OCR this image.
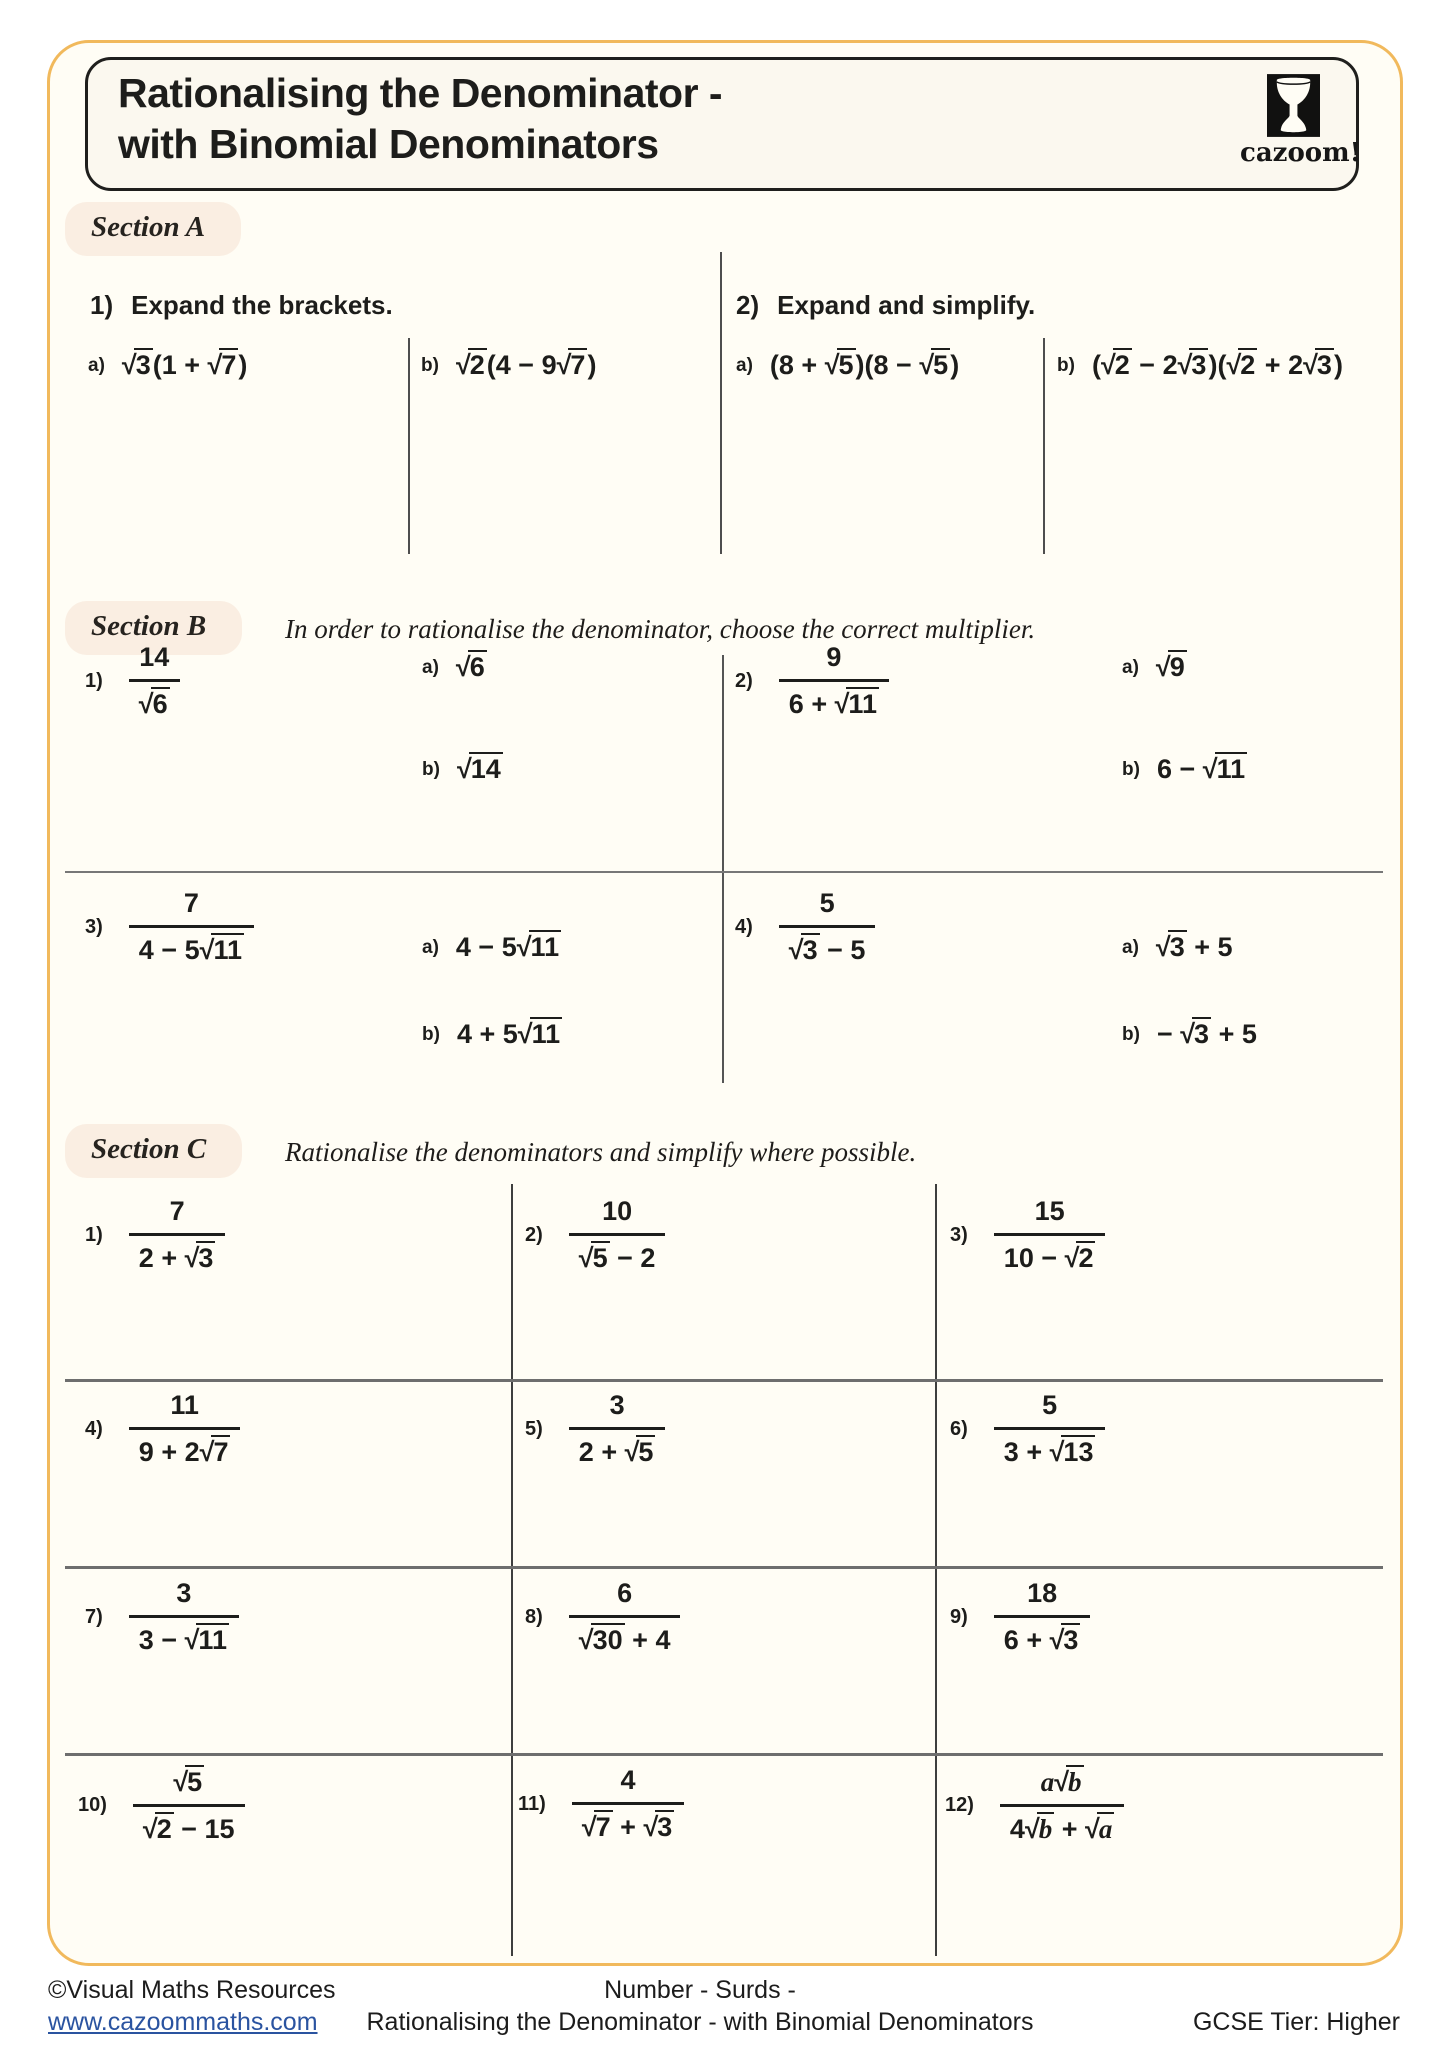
Rationalising the Denominator -
with Binomial Denominators	cazoom!
Section A
1) Expand the brackets.	2) Expand and simplify.
a) √3(1 + √7)	b) √2(4 − 9√7)	a) (8 + √5)(8 − √5)	b) (√2 − 2√3)(√2 + 2√3)
Section B	In order to rationalise the denominator, choose the correct multiplier.
$1) \frac{14}{√6}$	a) √6
b) √14
$2) \frac{9}{6 + √11}$	a) √9
b) 6 − √11
$3) \frac{7}{4 - 5√11}$	a) 4 − 5√11
b) 4 + 5√11
$4) \frac{5}{√3 - 5}$	a) √3 + 5
b) − √3 + 5
Section C	Rationalise the denominators and simplify where possible.
$1) \frac{7}{2 + √3}$	$2) \frac{10}{√5 - 2}$	$3) \frac{15}{10 - √2}$
$4) \frac{11}{9 + 2√7}$	$5) \frac{3}{2 + √5}$	$6) \frac{5}{3 + √13}$
$7) \frac{3}{3 - √11}$	$8) \frac{6}{√30 + 4}$	$9) \frac{18}{6 + √3}$
$10) \frac{√5}{√2 - 15}$	$11) \frac{4}{√7 + √3}$	$12) \frac{a√b}{4√b + √a}$
©Visual Maths Resources
www.cazoommaths.com
Number - Surds -
Rationalising the Denominator - with Binomial Denominators	GCSE Tier: Higher
